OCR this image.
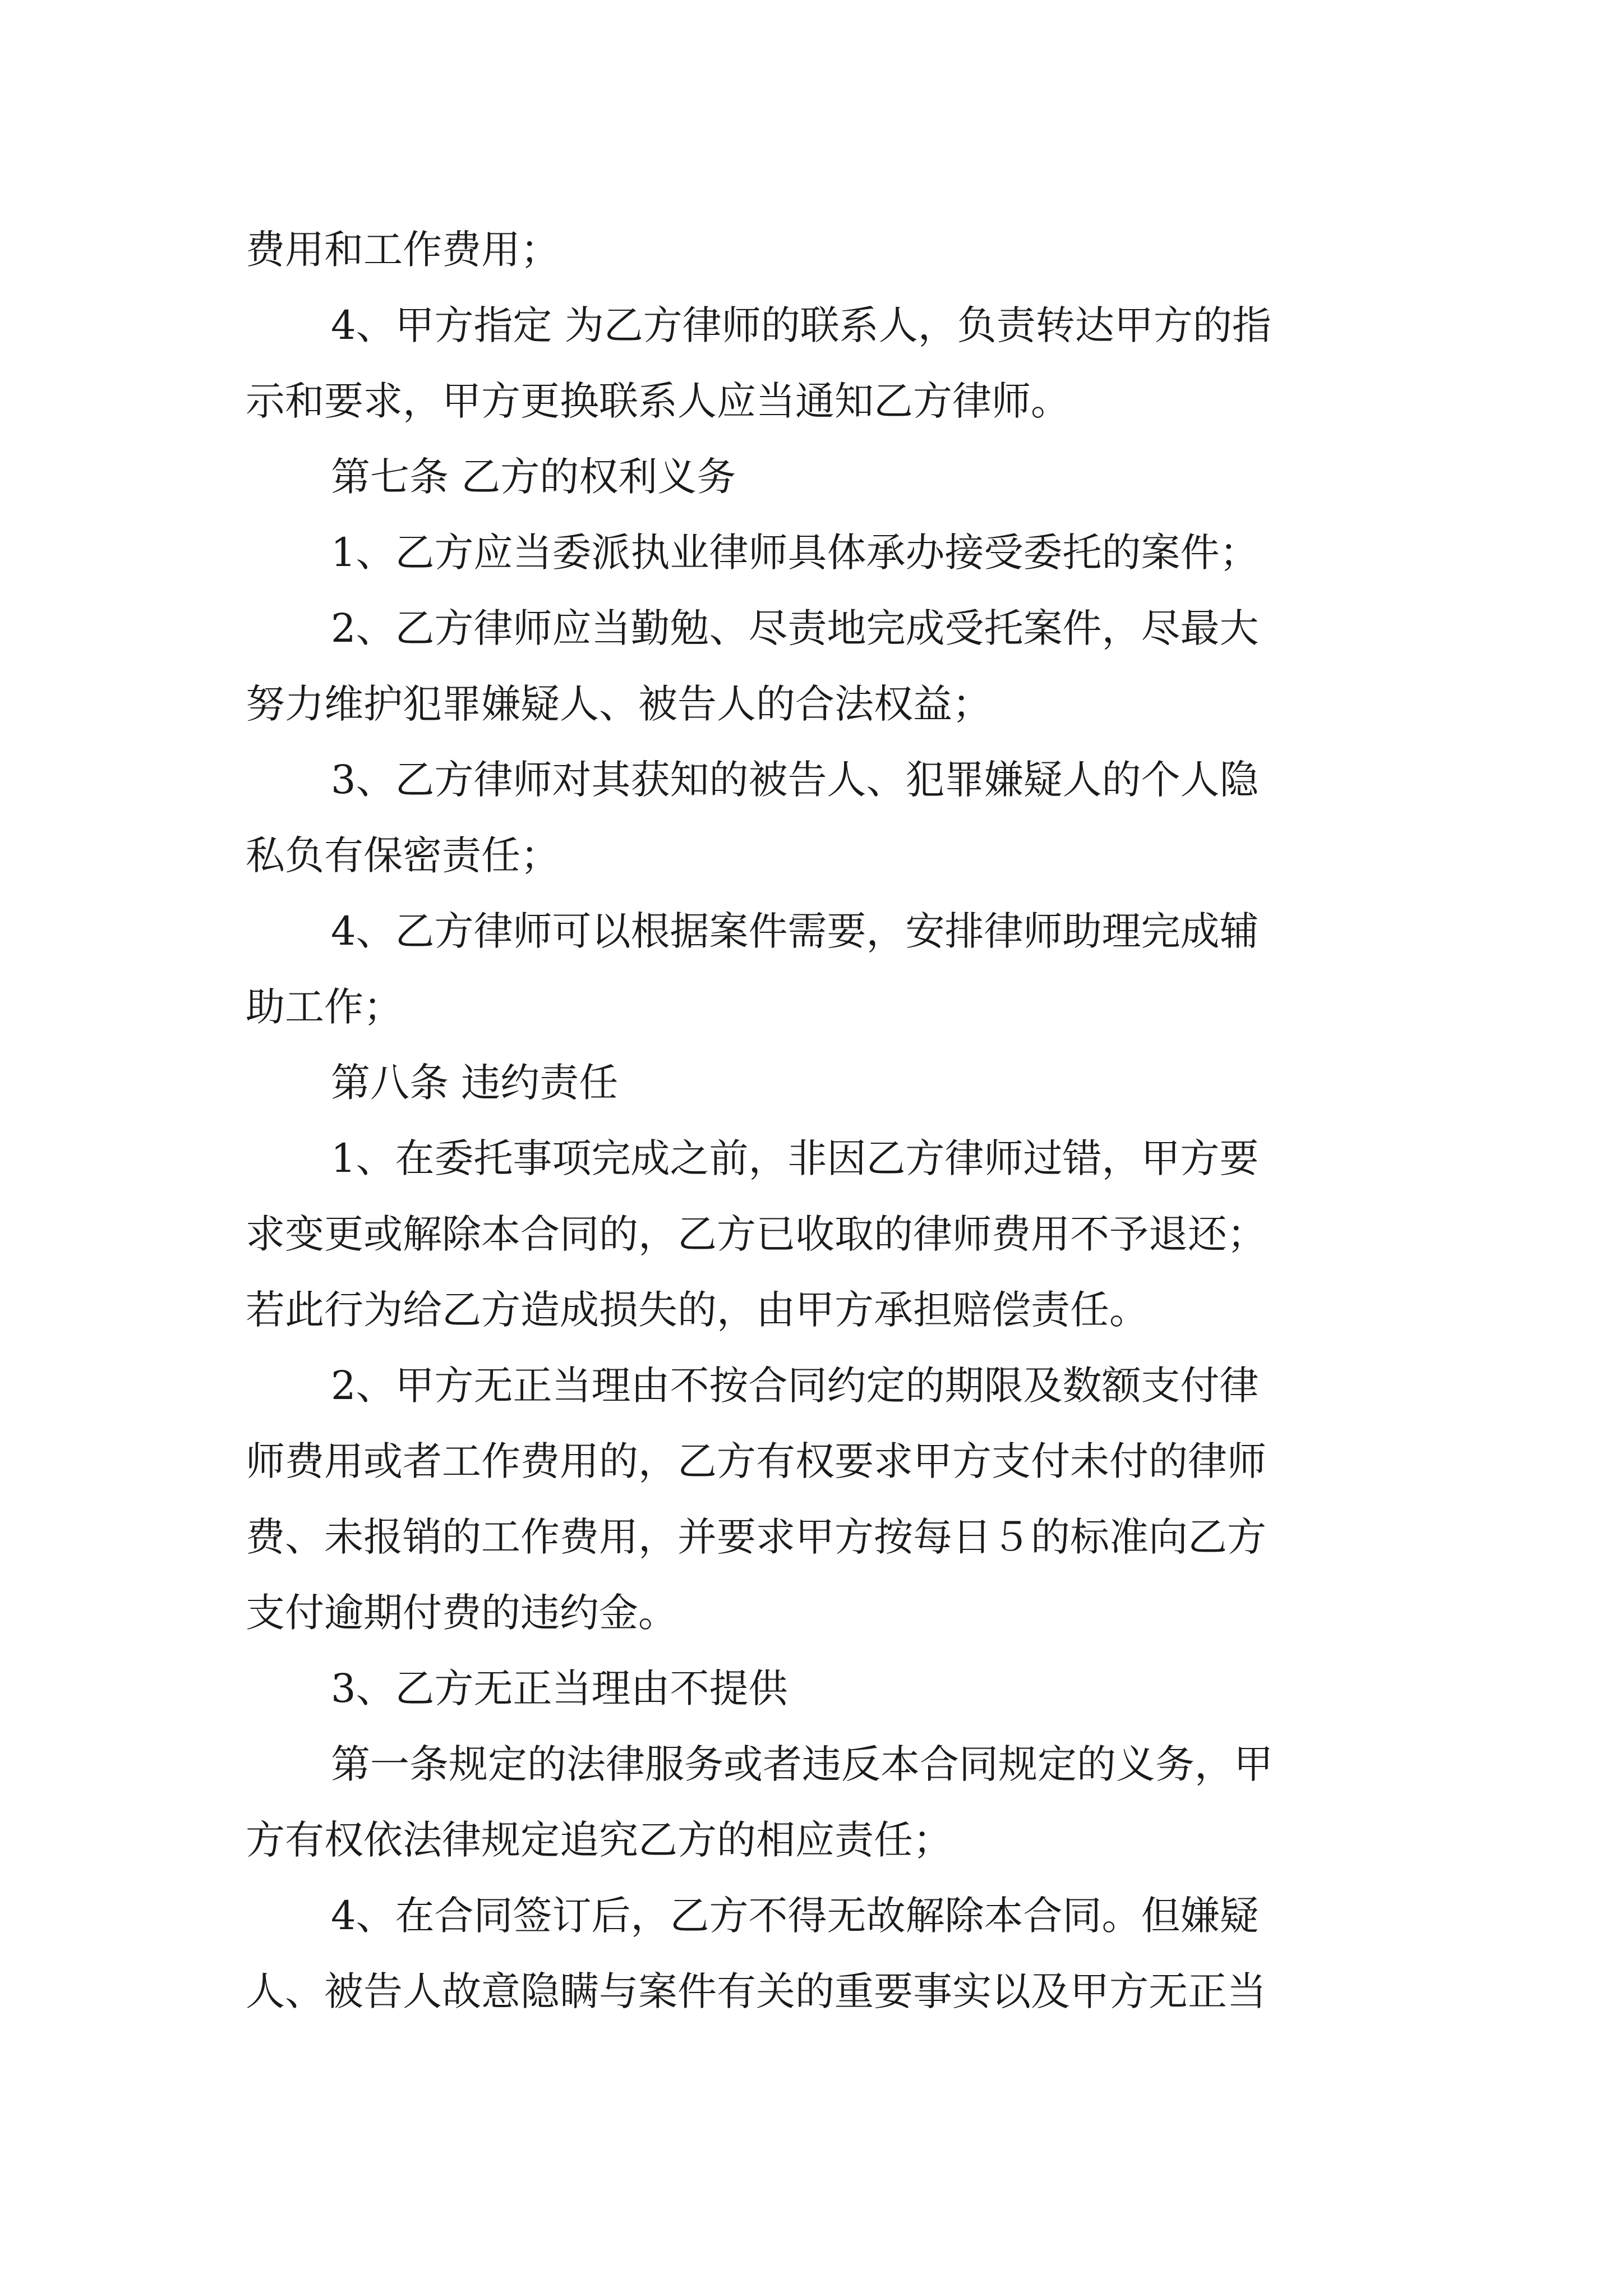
费用和工作费用；
4、甲方指定 为乙方律师的联系人，负责转达甲方的指
示和要求，甲方更换联系人应当通知乙方律师。
第七条 乙方的权利义务
1、乙方应当委派执业律师具体承办接受委托的案件；
2、乙方律师应当勤勉、尽责地完成受托案件，尽最大
努力维护犯罪嫌疑人、被告人的合法权益；
3、乙方律师对其获知的被告人、犯罪嫌疑人的个人隐
私负有保密责任；
4、乙方律师可以根据案件需要，安排律师助理完成辅
助工作；
第八条 违约责任
1、在委托事项完成之前，非因乙方律师过错，甲方要
求变更或解除本合同的，乙方已收取的律师费用不予退还；
若此行为给乙方造成损失的，由甲方承担赔偿责任。
2、甲方无正当理由不按合同约定的期限及数额支付律
师费用或者工作费用的，乙方有权要求甲方支付未付的律师
费、未报销的工作费用，并要求甲方按每日５的标准向乙方
支付逾期付费的违约金。
3、乙方无正当理由不提供
第一条规定的法律服务或者违反本合同规定的义务，甲
方有权依法律规定追究乙方的相应责任；
4、在合同签订后，乙方不得无故解除本合同。但嫌疑
人、被告人故意隐瞒与案件有关的重要事实以及甲方无正当
